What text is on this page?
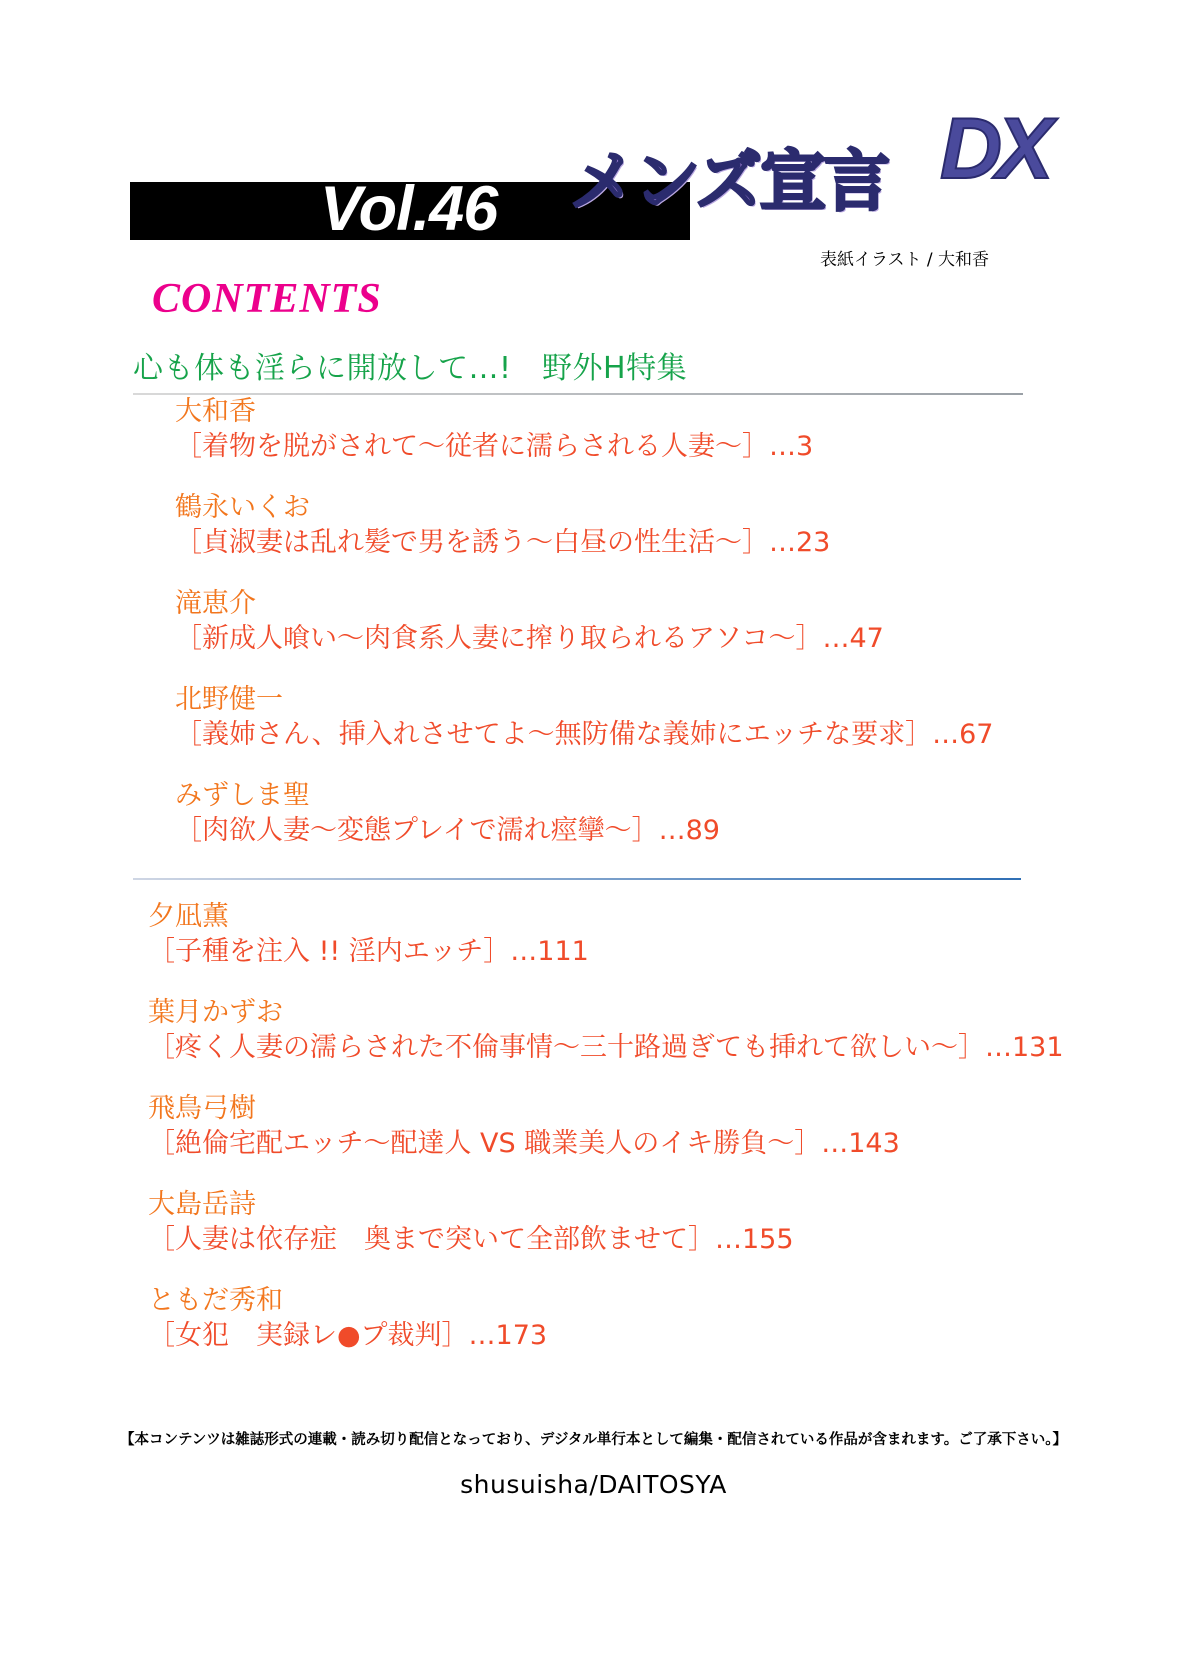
Vol.46 メンズ宣言 DX
表紙イラスト / 大和香
CONTENTS
心も体も淫らに開放して…!　野外H特集
大和香
［着物を脱がされて〜従者に濡らされる人妻〜］…3
鶴永いくお
［貞淑妻は乱れ髪で男を誘う〜白昼の性生活〜］…23
滝恵介
［新成人喰い〜肉食系人妻に搾り取られるアソコ〜］…47
北野健一
［義姉さん、挿入れさせてよ〜無防備な義姉にエッチな要求］…67
みずしま聖
［肉欲人妻〜変態プレイで濡れ痙攣〜］…89
夕凪薫
［子種を注入 !! 淫内エッチ］…111
葉月かずお
［疼く人妻の濡らされた不倫事情〜三十路過ぎても挿れて欲しい〜］…131
飛鳥弓樹
［絶倫宅配エッチ〜配達人 VS 職業美人のイキ勝負〜］…143
大島岳詩
［人妻は依存症　奥まで突いて全部飲ませて］…155
ともだ秀和
［女犯　実録レ●プ裁判］…173
【本コンテンツは雑誌形式の連載・読み切り配信となっており、デジタル単行本として編集・配信されている作品が含まれます。ご了承下さい。】
shusuisha/DAITOSYA
